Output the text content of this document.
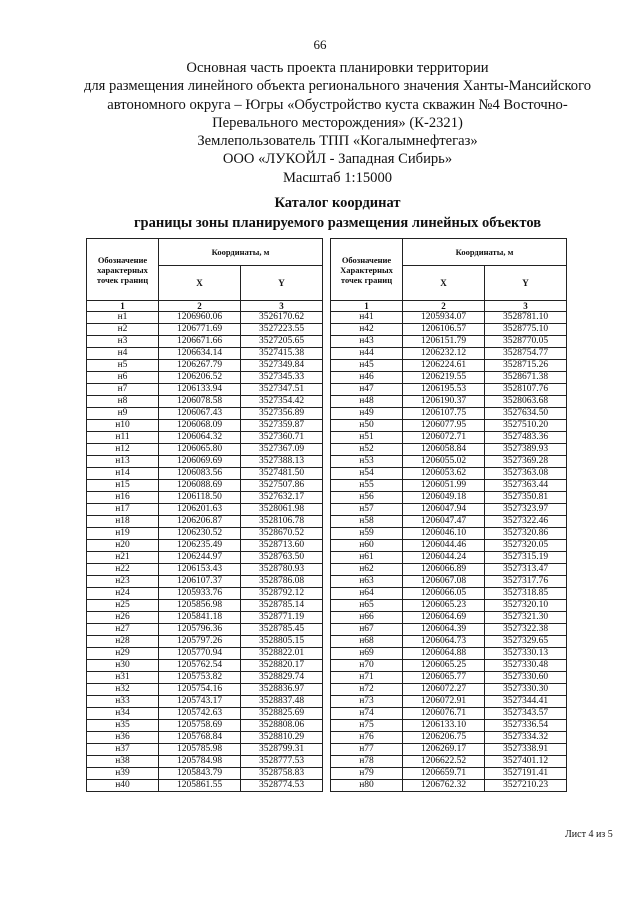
66
Основная часть проекта планировки территории
для размещения линейного объекта регионального значения Ханты-Мансийского
автономного округа – Югры «Обустройство куста скважин №4 Восточно-
Перевального месторождения» (К-2321)
Землепользователь ТПП «Когалымнефтегаз»
ООО «ЛУКОЙЛ - Западная Сибирь»
Масштаб 1:15000
Каталог координат
границы зоны планируемого размещения линейных объектов
Обозначение характерных точек границ	Координаты, м			Обозначение Характерных точек границ	Координаты, м	
	X	Y			X	Y
1	2	3		1	2	3
н1	1206960.06	3526170.62		н41	1205934.07	3528781.10
н2	1206771.69	3527223.55		н42	1206106.57	3528775.10
н3	1206671.66	3527205.65		н43	1206151.79	3528770.05
н4	1206634.14	3527415.38		н44	1206232.12	3528754.77
н5	1206267.79	3527349.84		н45	1206224.61	3528715.26
н6	1206206.52	3527345.33		н46	1206219.55	3528671.38
н7	1206133.94	3527347.51		н47	1206195.53	3528107.76
н8	1206078.58	3527354.42		н48	1206190.37	3528063.68
н9	1206067.43	3527356.89		н49	1206107.75	3527634.50
н10	1206068.09	3527359.87		н50	1206077.95	3527510.20
н11	1206064.32	3527360.71		н51	1206072.71	3527483.36
н12	1206065.80	3527367.09		н52	1206058.84	3527389.93
н13	1206069.69	3527388.13		н53	1206055.02	3527369.28
н14	1206083.56	3527481.50		н54	1206053.62	3527363.08
н15	1206088.69	3527507.86		н55	1206051.99	3527363.44
н16	1206118.50	3527632.17		н56	1206049.18	3527350.81
н17	1206201.63	3528061.98		н57	1206047.94	3527323.97
н18	1206206.87	3528106.78		н58	1206047.47	3527322.46
н19	1206230.52	3528670.52		н59	1206046.10	3527320.86
н20	1206235.49	3528713.60		н60	1206044.46	3527320.05
н21	1206244.97	3528763.50		н61	1206044.24	3527315.19
н22	1206153.43	3528780.93		н62	1206066.89	3527313.47
н23	1206107.37	3528786.08		н63	1206067.08	3527317.76
н24	1205933.76	3528792.12		н64	1206066.05	3527318.85
н25	1205856.98	3528785.14		н65	1206065.23	3527320.10
н26	1205841.18	3528771.19		н66	1206064.69	3527321.30
н27	1205796.36	3528785.45		н67	1206064.39	3527322.38
н28	1205797.26	3528805.15		н68	1206064.73	3527329.65
н29	1205770.94	3528822.01		н69	1206064.88	3527330.13
н30	1205762.54	3528820.17		н70	1206065.25	3527330.48
н31	1205753.82	3528829.74		н71	1206065.77	3527330.60
н32	1205754.16	3528836.97		н72	1206072.27	3527330.30
н33	1205743.17	3528837.48		н73	1206072.91	3527344.41
н34	1205742.63	3528825.69		н74	1206076.71	3527343.57
н35	1205758.69	3528808.06		н75	1206133.10	3527336.54
н36	1205768.84	3528810.29		н76	1206206.75	3527334.32
н37	1205785.98	3528799.31		н77	1206269.17	3527338.91
н38	1205784.98	3528777.53		н78	1206622.52	3527401.12
н39	1205843.79	3528758.83		н79	1206659.71	3527191.41
н40	1205861.55	3528774.53		н80	1206762.32	3527210.23
Лист 4 из 5
